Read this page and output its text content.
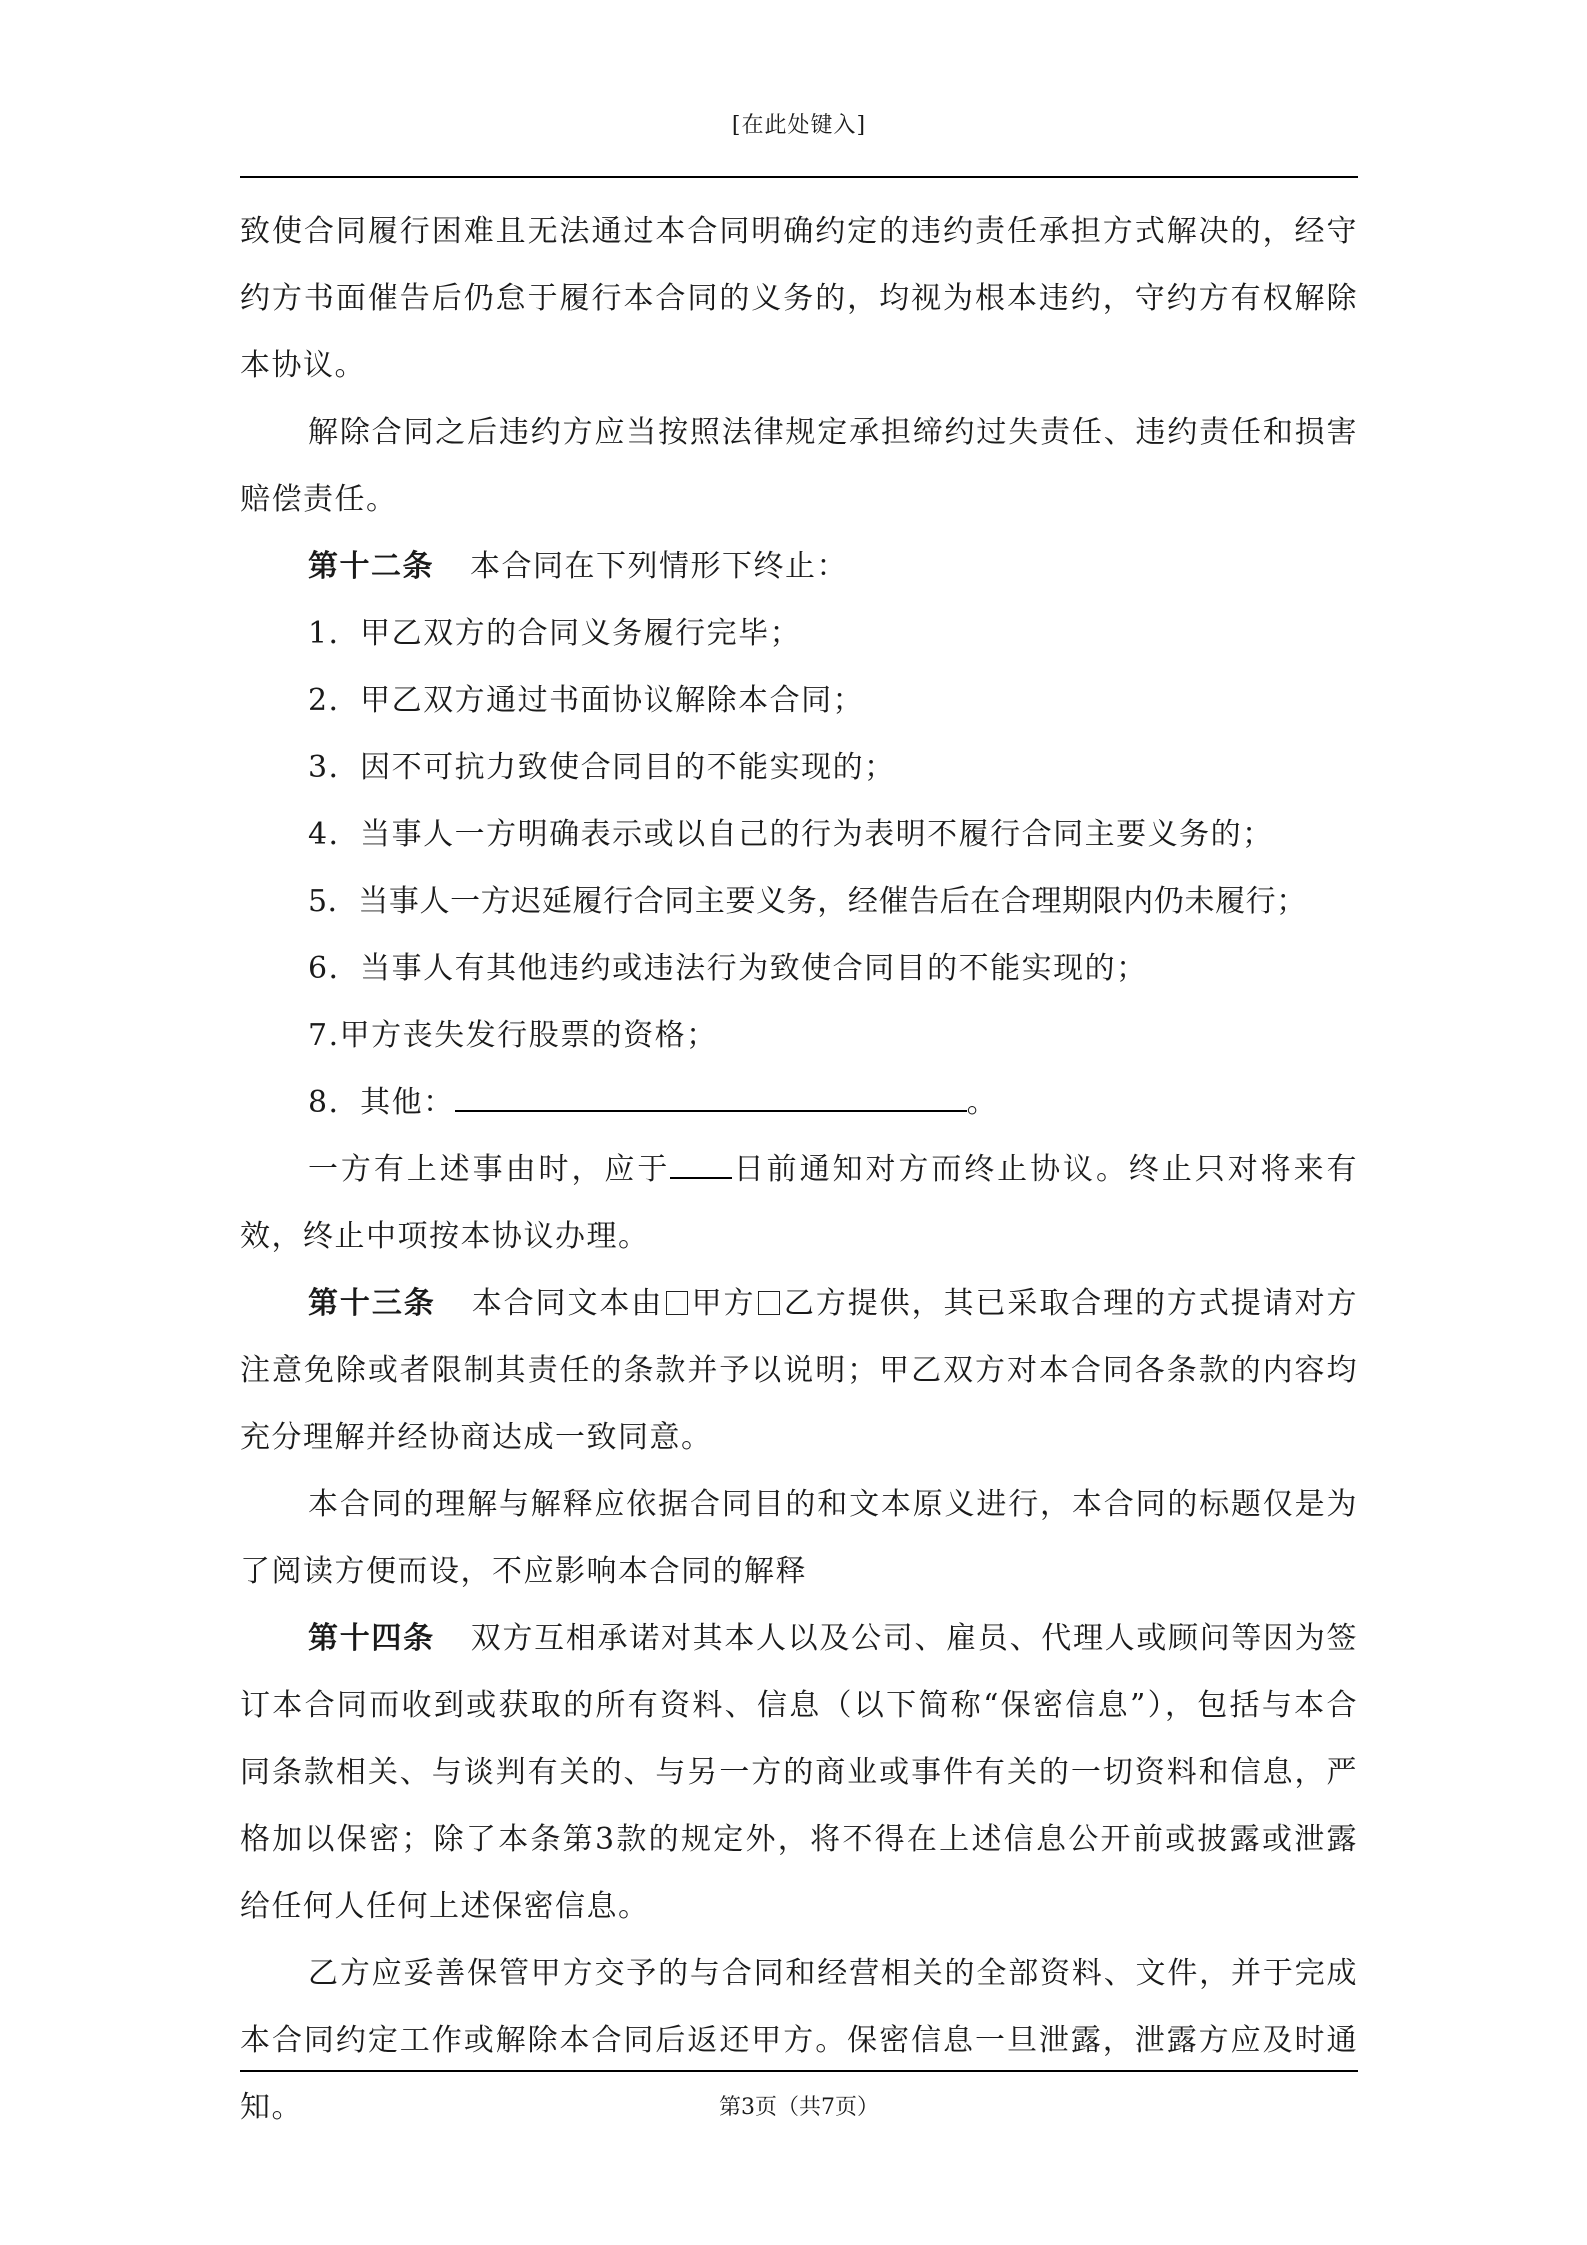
[在此处键入]

致使合同履行困难且无法通过本合同明确约定的违约责任承担方式解决的，经守约方书面催告后仍怠于履行本合同的义务的，均视为根本违约，守约方有权解除本协议。

解除合同之后违约方应当按照法律规定承担缔约过失责任、违约责任和损害赔偿责任。

第十二条 本合同在下列情形下终止：

1．甲乙双方的合同义务履行完毕；

2．甲乙双方通过书面协议解除本合同；

3．因不可抗力致使合同目的不能实现的；

4．当事人一方明确表示或以自己的行为表明不履行合同主要义务的；

5．当事人一方迟延履行合同主要义务，经催告后在合理期限内仍未履行；

6．当事人有其他违约或违法行为致使合同目的不能实现的；

7.甲方丧失发行股票的资格；

8．其他：	。

一方有上述事由时，应于 日前通知对方而终止协议。终止只对将来有效，终止中项按本协议办理。

第十三条 本合同文本由 甲方 乙方提供，其已采取合理的方式提请对方注意免除或者限制其责任的条款并予以说明；甲乙双方对本合同各条款的内容均充分理解并经协商达成一致同意。

本合同的理解与解释应依据合同目的和文本原义进行，本合同的标题仅是为了阅读方便而设，不应影响本合同的解释

第十四条 双方互相承诺对其本人以及公司、雇员、代理人或顾问等因为签订本合同而收到或获取的所有资料、信息（以下简称“保密信息”），包括与本合同条款相关、与谈判有关的、与另一方的商业或事件有关的一切资料和信息，严格加以保密；除了本条第3款的规定外，将不得在上述信息公开前或披露或泄露给任何人任何上述保密信息。

乙方应妥善保管甲方交予的与合同和经营相关的全部资料、文件，并于完成本合同约定工作或解除本合同后返还甲方。保密信息一旦泄露，泄露方应及时通知。	第3页（共7页）
